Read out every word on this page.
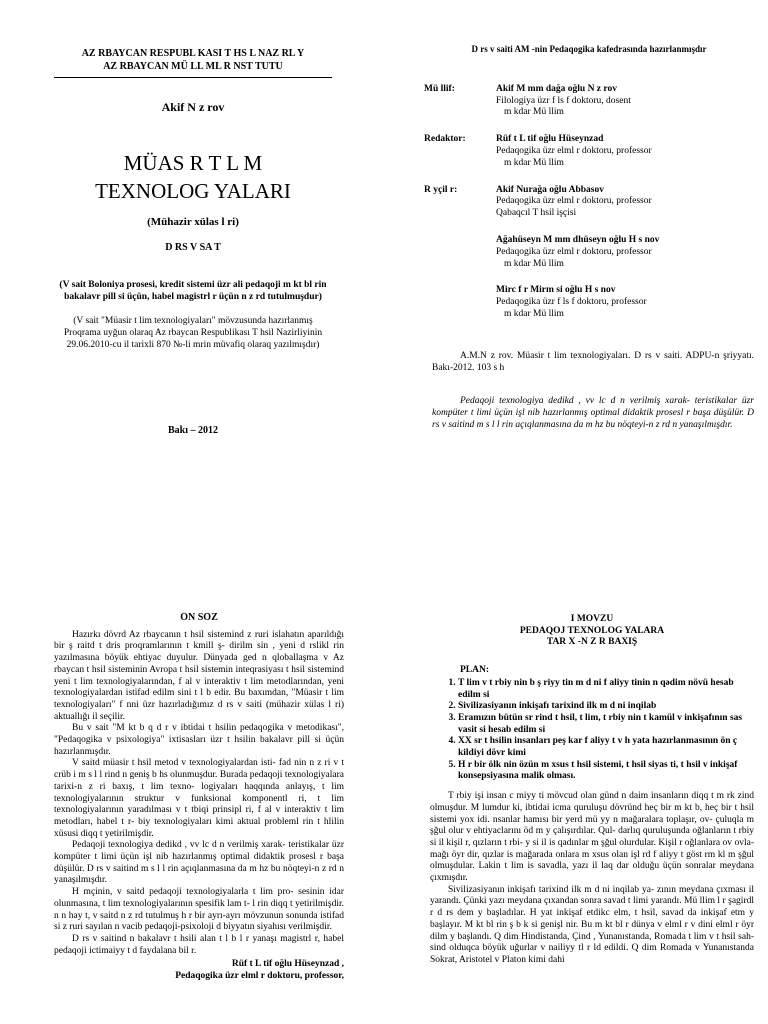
AZ RBAYCAN RESPUBL KASI T HS L NAZ RL Y
AZ RBAYCAN MÜ LL ML R NST TUTU
Akif N z rov
MÜAS R T L M
TEXNOLOG YALARI
(Mühazir xülas l ri)
D RS V SA T
(V sait Boloniya prosesi, kredit sistemi üzr ali pedaqoji m kt bl rin bakalavr pill si üçün, habel magistrl r üçün n z rd tutulmuşdur)
(V sait "Müasir t lim texnologiyaları" mövzusunda hazırlanmış Proqrama uyğun olaraq Az rbaycan Respublikası T hsil Nazirliyinin 29.06.2010-cu il tarixli 870 №-li mrin müvafiq olaraq yazılmışdır)
Bakı – 2012
D rs v saiti AM -nin Pedaqogika kafedrasında hazırlanmışdır
Mü llif:	Akif M mm dağa oğlu N z rov
Filologiya üzr f ls f doktoru, dosent
m kdar Mü llim
Redaktor:	Rüf t L tif oğlu Hüseynzad
Pedaqogika üzr elml r doktoru, professor
m kdar Mü llim
R yçil r:	Akif Nurağa oğlu Abbasov
Pedaqogika üzr elml r doktoru, professor
Qabaqcıl T hsil işçisi
Ağahüseyn M mm dhüseyn oğlu H s nov
Pedaqogika üzr elml r doktoru, professor
m kdar Mü llim
Mirc f r Mirm si oğlu H s nov
Pedaqogika üzr f ls f doktoru, professor
m kdar Mü llim
A.M.N z rov. Müasir t lim texnologiyaları. D rs v saiti. ADPU-n şriyyatı. Bakı-2012. 103 s h
Pedaqoji texnologiya dedikd , vv lc d n verilmiş xarak- teristikalar üzr kompüter t limi üçün işl nib hazırlanmış optimal didaktik prosesl r başa düşülür. D rs v saitind m s l l rin açıqlanmasına da m hz bu nöqteyi-n z rd n yanaşılmışdır.
ÖN SÖZ

Hazırkı dövrd Az rbaycanın t hsil sistemind z ruri islahatın aparıldığı bir ş raitd t dris proqramlarının t kmill ş- dirilm sin , yeni d rslikl rin yazılmasına böyük ehtiyac duyulur. Dünyada ged n qloballaşma v Az rbaycan t hsil sisteminin Avropa t hsil sistemin inteqrasiyası t hsil sistemind yeni t lim texnologiyalarından, f al v interaktiv t lim metodlarından, yeni texnologiyalardan istifad edilm sini t l b edir. Bu baxımdan, "Müasir t lim texnologiyaları" f nni üzr hazırladığımız d rs v saiti (mühazir xülas l ri) aktuallığı il seçilir.

Bu v sait "M kt b q d r v ibtidai t hsilin pedaqogika v metodikası", "Pedaqogika v psixologiya" ixtisasları üzr t hsilin bakalavr pill si üçün hazırlanmışdır.

V saitd müasir t hsil metod v texnologiyalardan isti- fad nin n z ri v t crüb i m s l l rind n geniş b hs olunmuşdur. Burada pedaqoji texnologiyalara tarixi-n z ri baxış, t lim texno- logiyaları haqqında anlayış, t lim texnologiyalarının struktur v funksional komponentl ri, t lim texnologiyalarının yaradılması v t tbiqi prinsipl ri, f al v interaktiv t lim metodları, habel t r- biy texnologiyaları kimi aktual probleml rin t hlilin xüsusi diqq t yetirilmişdir.

Pedaqoji texnologiya dedikd , vv lc d n verilmiş xarak- teristikalar üzr kompüter t limi üçün işl nib hazırlanmış optimal didaktik prosesl r başa düşülür. D rs v saitind m s l l rin açıqlanmasına da m hz bu nöqteyi-n z rd n yanaşılmışdır.

H mçinin, v saitd pedaqoji texnologiyalarla t lim pro- sesinin idar olunmasına, t lim texnologiyalarının spesifik lam t- l rin diqq t yetirilmişdir. n n hay t, v saitd n z rd tutulmuş h r bir ayrı-ayrı mövzunun sonunda istifad si z ruri sayılan n vacib pedaqoji-psixoloji d biyyatın siyahısı verilmişdir.

D rs v saitind n bakalavr t hsili alan t l b l r yanaşı magistrl r, habel pedaqoji ictimaiyy t d faydalana bil r.

Rüf t L tif oğlu Hüseynzad ,
Pedaqogika üzr elml r doktoru, professor,
I MÖVZU
PEDAQOJ TEXNOLOG YALARA
TAR X -N Z R BAXIŞ
PLAN:
1. T lim v t rbiy nin b ş riyy tin m d ni f aliyy tinin n qədim növü hesab edilm si
2. Sivilizasiyanın inkişafı tarixind ilk m d ni inqilab
3. Eramızın bütün sr rind t hsil, t lim, t rbiy nin t kamül v inkişafının sas vasit si hesab edilm si
4. XX sr t hsilin insanları peş kar f aliyy t v h yata hazırlanmasının ön ç kildiyi dövr kimi
5. H r bir ölk nin özün m xsus t hsil sistemi, t hsil siyas ti, t hsil v inkişaf konsepsiyasına malik olması.

T rbiy işi insan c miyy ti mövcud olan günd n daim insanların diqq t m rk zind olmuşdur. M lumdur ki, ibtidai icma quruluşu dövründ heç bir m kt b, heç bir t hsil sistemi yox idi. nsanlar hamısı bir yerd mü yy n mağaralara toplaşır, ov- çuluqla m şğul olur v ehtiyaclarını öd m y çalışırdılar. Qul- darlıq quruluşunda oğlanların t rbiy si il kişil r, qızların t rbi- y si il is qadınlar m şğul olurdular. Kişil r oğlanlara ov ovla- mağı öyr dir, qızlar is mağarada onlara m xsus olan işl rd f aliyy t göst rm kl m şğul olmuşdular. Lakin t lim is savadla, yazı il laq dar olduğu üçün sonralar meydana çıxmışdır.

Sivilizasiyanın inkişafı tarixind ilk m d ni inqilab ya- zının meydana çıxması il yarandı. Çünki yazı meydana çıxandan sonra savad t limi yarandı. Mü llim l r şagirdl r d rs dem y başladılar. H yat inkişaf etdikc elm, t hsil, savad da inkişaf etm y başlayır. M kt bl rin ş b k si genişl nir. Bu m kt bl r dünya v elml r v dini elml r öyr dilm y başlandı. Q dim Hindistanda, Çind , Yunanıstanda, Romada t lim v t hsil sah- sind olduqca böyük uğurlar v nailiyy tl r ld edildi. Q dim Romada v Yunanıstanda Sokrat, Aristotel v Platon kimi dahi
